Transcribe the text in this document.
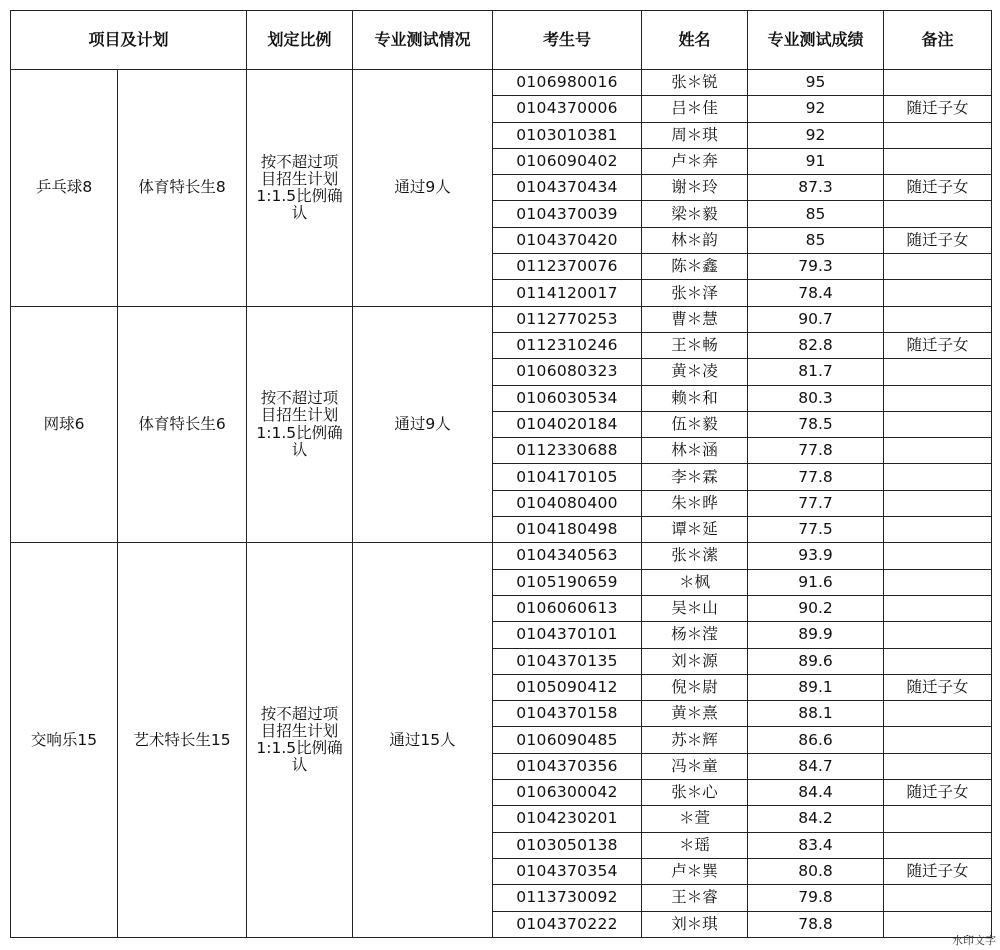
项目及计划		划定比例	专业测试情况	考生号	姓名	专业测试成绩	备注
乒乓球8	体育特长生8	按不超过项
目招生计划
1:1.5比例确
认	通过9人	0106980016	张＊锐	95	
				0104370006	吕＊佳	92	随迁子女
				0103010381	周＊琪	92	
				0106090402	卢＊奔	91	
				0104370434	谢＊玲	87.3	随迁子女
				0104370039	梁＊毅	85	
				0104370420	林＊韵	85	随迁子女
				0112370076	陈＊鑫	79.3	
				0114120017	张＊泽	78.4	
网球6	体育特长生6	按不超过项
目招生计划
1:1.5比例确
认	通过9人	0112770253	曹＊慧	90.7	
				0112310246	王＊畅	82.8	随迁子女
				0106080323	黄＊凌	81.7	
				0106030534	赖＊和	80.3	
				0104020184	伍＊毅	78.5	
				0112330688	林＊涵	77.8	
				0104170105	李＊霖	77.8	
				0104080400	朱＊晔	77.7	
				0104180498	谭＊延	77.5	
交响乐15	艺术特长生15	按不超过项
目招生计划
1:1.5比例确
认	通过15人	0104340563	张＊潆	93.9	
				0105190659	＊枫	91.6	
				0106060613	吴＊山	90.2	
				0104370101	杨＊滢	89.9	
				0104370135	刘＊源	89.6	
				0105090412	倪＊尉	89.1	随迁子女
				0104370158	黄＊熹	88.1	
				0106090485	苏＊辉	86.6	
				0104370356	冯＊童	84.7	
				0106300042	张＊心	84.4	随迁子女
				0104230201	＊萱	84.2	
				0103050138	＊瑶	83.4	
				0104370354	卢＊巽	80.8	随迁子女
				0113730092	王＊睿	79.8	
				0104370222	刘＊琪	78.8	
水印文字
